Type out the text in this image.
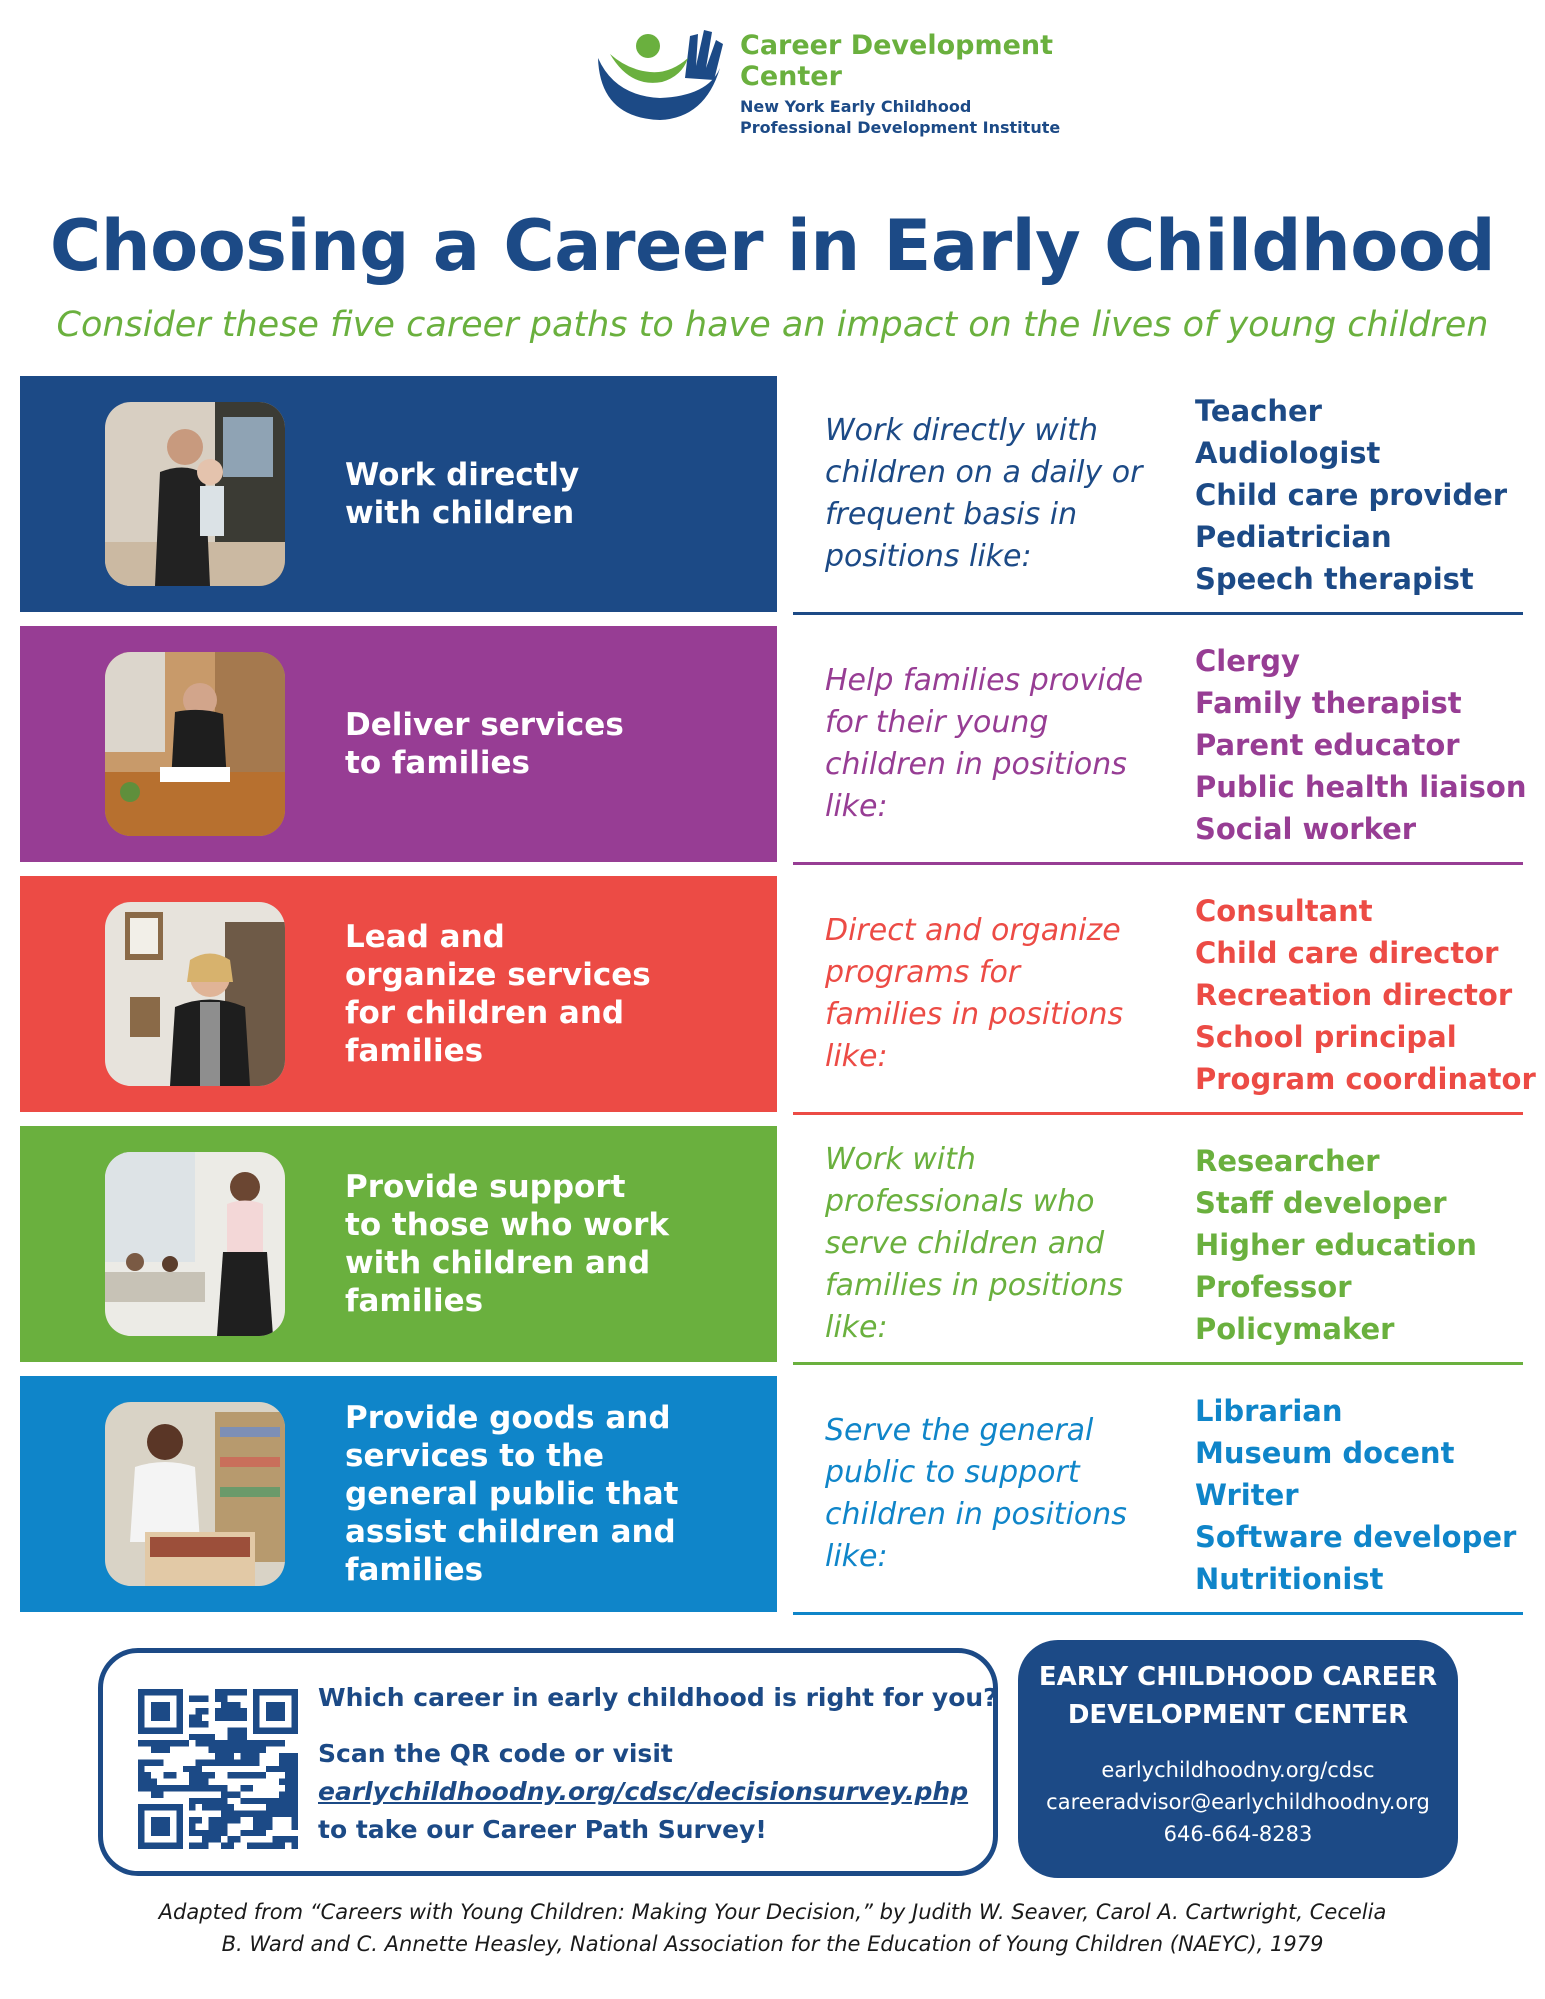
Career Development
Center
New York Early Childhood
Professional Development Institute
Choosing a Career in Early Childhood
Consider these five career paths to have an impact on the lives of young children
Work directly
with children
Work directly with
children on a daily or
frequent basis in
positions like:
Teacher
Audiologist
Child care provider
Pediatrician
Speech therapist
Deliver services
to families
Help families provide
for their young
children in positions
like:
Clergy
Family therapist
Parent educator
Public health liaison
Social worker
Lead and
organize services
for children and
families
Direct and organize
programs for
families in positions
like:
Consultant
Child care director
Recreation director
School principal
Program coordinator
Provide support
to those who work
with children and
families
Work with
professionals who
serve children and
families in positions
like:
Researcher
Staff developer
Higher education
Professor
Policymaker
Provide goods and
services to the
general public that
assist children and
families
Serve the general
public to support
children in positions
like:
Librarian
Museum docent
Writer
Software developer
Nutritionist
Which career in early childhood is right for you?
Scan the QR code or visit
earlychildhoodny.org/cdsc/decisionsurvey.php
to take our Career Path Survey!
EARLY CHILDHOOD CAREER
DEVELOPMENT CENTER
earlychildhoodny.org/cdsc
careeradvisor@earlychildhoodny.org
646-664-8283
Adapted from “Careers with Young Children: Making Your Decision,” by Judith W. Seaver, Carol A. Cartwright, Cecelia
B. Ward and C. Annette Heasley, National Association for the Education of Young Children (NAEYC), 1979
